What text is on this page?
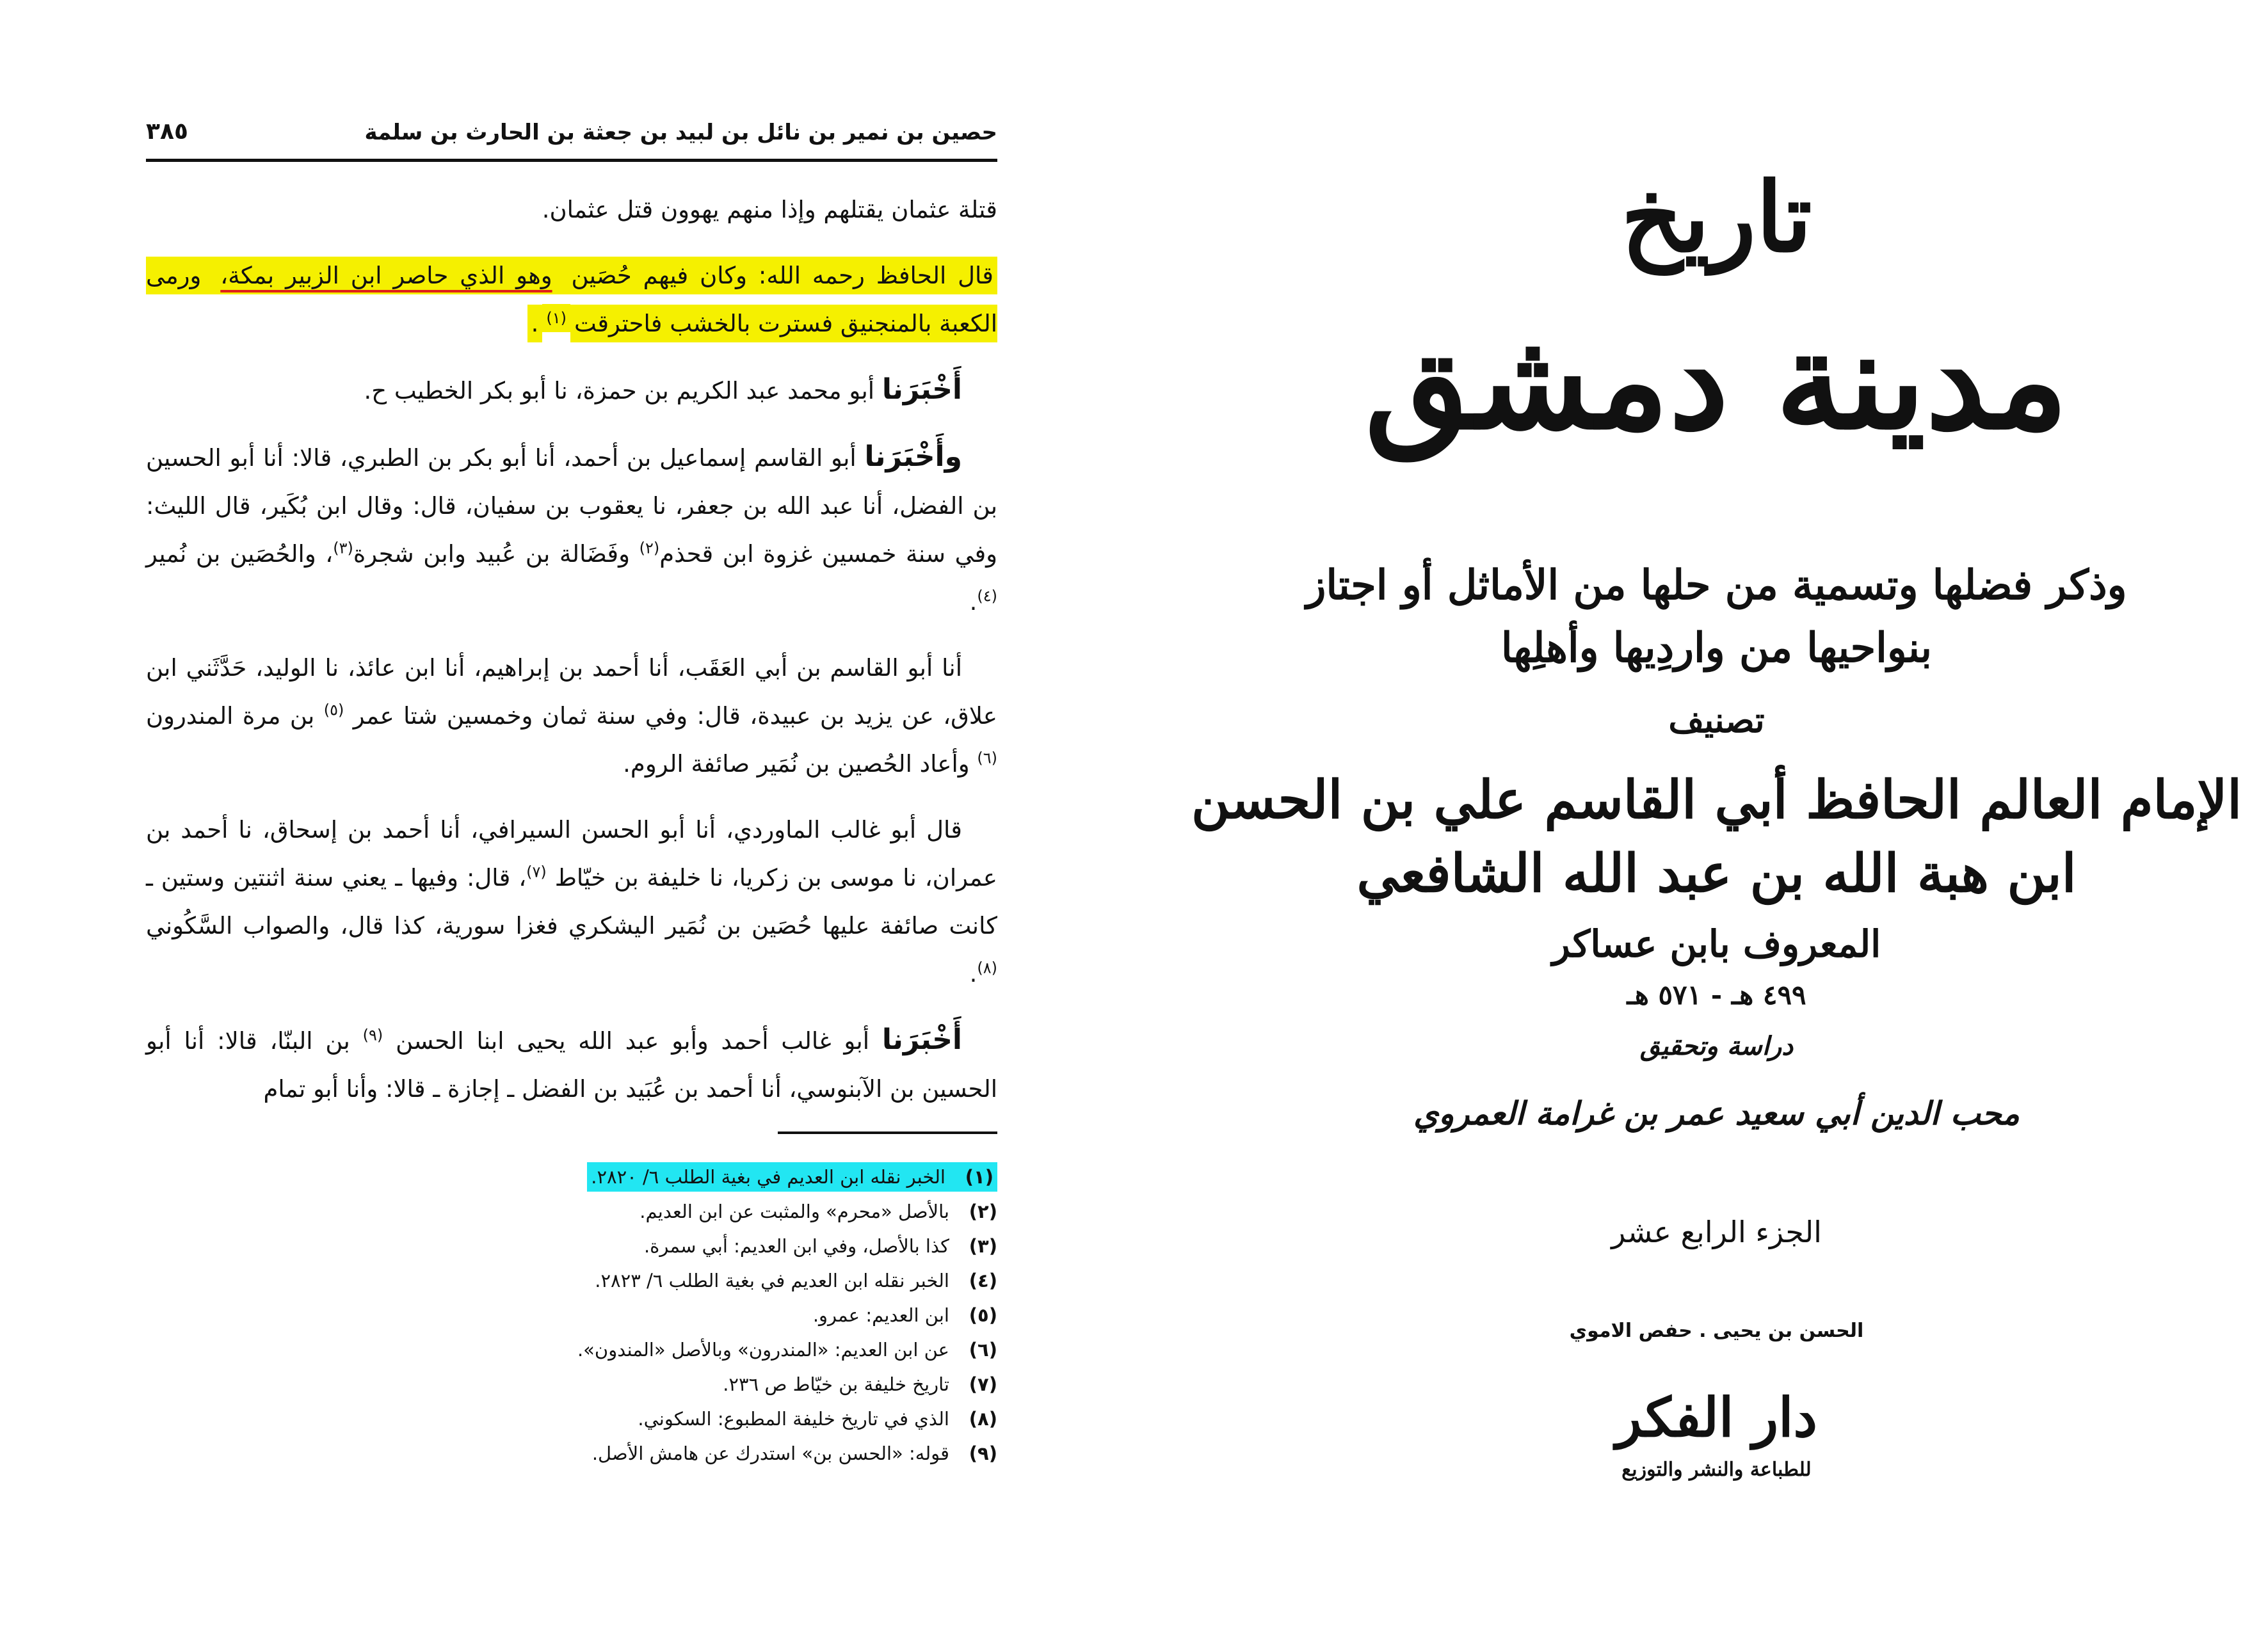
حصين بن نمير بن نائل بن لبيد بن جعثة بن الحارث بن سلمة
٣٨٥

قتلة عثمان يقتلهم وإذا منهم يهوون قتل عثمان.

قال الحافظ رحمه الله: وكان فيهم حُصَين وهو الذي حاصر ابن الزبير بمكة، ورمى الكعبة بالمنجنيق فسترت بالخشب فاحترقت$^{(١)}$.

أَخْبَرَنا أبو محمد عبد الكريم بن حمزة، نا أبو بكر الخطيب ح.

وأَخْبَرَنا أبو القاسم إسماعيل بن أحمد، أنا أبو بكر بن الطبري، قالا: أنا أبو الحسين بن الفضل، أنا عبد الله بن جعفر، نا يعقوب بن سفيان، قال: وقال ابن بُكَير، قال الليث: وفي سنة خمسين غزوة ابن قحذم$^{(٢)}$ وفَضَالة بن عُبيد وابن شجرة$^{(٣)}$، والحُصَين بن نُمير $^{(٤)}$.

أنا أبو القاسم بن أبي العَقَب، أنا أحمد بن إبراهيم، أنا ابن عائذ، نا الوليد، حَدَّثَني ابن علاق، عن يزيد بن عبيدة، قال: وفي سنة ثمان وخمسين شتا عمر $^{(٥)}$ بن مرة المندرون $^{(٦)}$ وأعاد الحُصين بن نُمَير صائفة الروم.

قال أبو غالب الماوردي، أنا أبو الحسن السيرافي، أنا أحمد بن إسحاق، نا أحمد بن عمران، نا موسى بن زكريا، نا خليفة بن خيّاط $^{(٧)}$، قال: وفيها ـ يعني سنة اثنتين وستين ـ كانت صائفة عليها حُصَين بن نُمَير اليشكري فغزا سورية، كذا قال، والصواب السَّكُوني $^{(٨)}$.

أَخْبَرَنا أبو غالب أحمد وأبو عبد الله يحيى ابنا الحسن $^{(٩)}$ بن البنّا، قالا: أنا أبو الحسين بن الآبنوسي، أنا أحمد بن عُبَيد بن الفضل ـ إجازة ـ قالا: وأنا أبو تمام

(١)الخبر نقله ابن العديم في بغية الطلب ٦/ ٢٨٢٠.
(٢)بالأصل «محرم» والمثبت عن ابن العديم.
(٣)كذا بالأصل، وفي ابن العديم: أبي سمرة.
(٤)الخبر نقله ابن العديم في بغية الطلب ٦/ ٢٨٢٣.
(٥)ابن العديم: عمرو.
(٦)عن ابن العديم: «المندرون» وبالأصل «المندون».
(٧)تاريخ خليفة بن خيّاط ص ٢٣٦.
(٨)الذي في تاريخ خليفة المطبوع: السكوني.
(٩)قوله: «الحسن بن» استدرك عن هامش الأصل.
تاريخ
مدينة دمشق
وذكر فضلها وتسمية من حلها من الأماثل أو اجتاز
بنواحيها من واردِيها وأهلِها
تصنيف
الإمام العالم الحافظ أبي القاسم علي بن الحسن
ابن هبة الله بن عبد الله الشافعي
المعروف بابن عساكر
٤٩٩ هـ - ٥٧١ هـ
دراسة وتحقيق
محب الدين أبي سعيد عمر بن غرامة العمروي
الجزء الرابع عشر
الحسن بن يحيى . حفص الاموي
دار الفكر
للطباعة والنشر والتوزيع
